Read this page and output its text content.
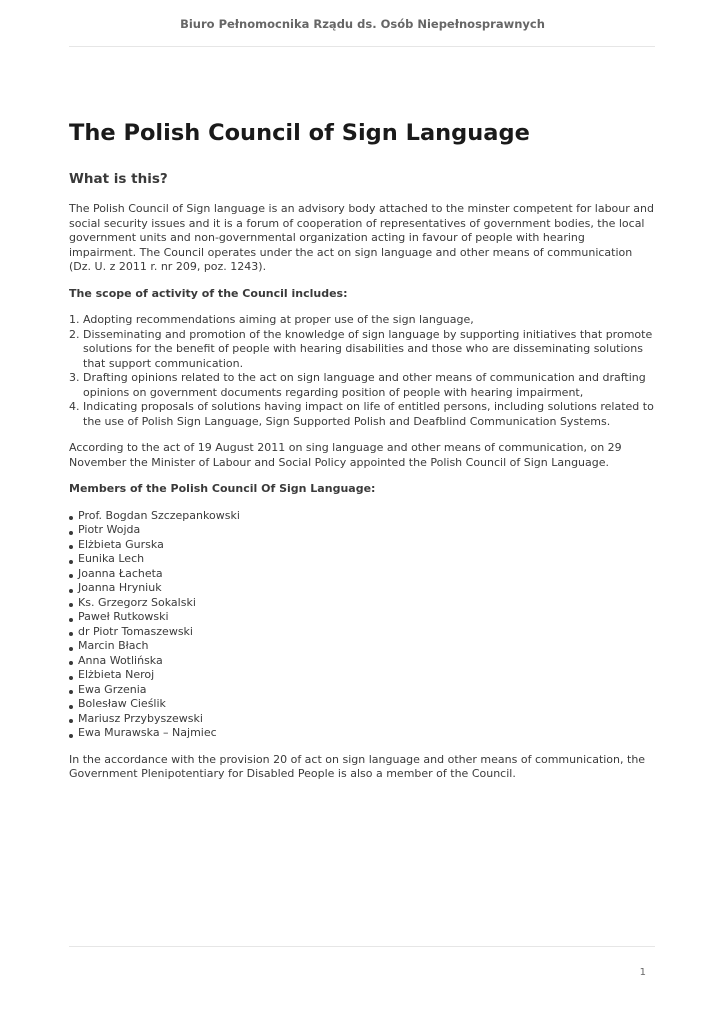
Biuro Pełnomocnika Rządu ds. Osób Niepełnosprawnych
The Polish Council of Sign Language
What is this?

The Polish Council of Sign language is an advisory body attached to the minster competent for labour and social security issues and it is a forum of cooperation of representatives of government bodies, the local government units and non-governmental organization acting in favour of people with hearing impairment. The Council operates under the act on sign language and other means of communication (Dz. U. z 2011 r. nr 209, poz. 1243).

The scope of activity of the Council includes:

1. Adopting recommendations aiming at proper use of the sign language,
2. Disseminating and promotion of the knowledge of sign language by supporting initiatives that promote solutions for the benefit of people with hearing disabilities and those who are disseminating solutions that support communication.
3. Drafting opinions related to the act on sign language and other means of communication and drafting opinions on government documents regarding position of people with hearing impairment,
4. Indicating proposals of solutions having impact on life of entitled persons, including solutions related to the use of Polish Sign Language, Sign Supported Polish and Deafblind Communication Systems.

According to the act of 19 August 2011 on sing language and other means of communication, on 29 November the Minister of Labour and Social Policy appointed the Polish Council of Sign Language.

Members of the Polish Council Of Sign Language:

Prof. Bogdan Szczepankowski
Piotr Wojda
Elżbieta Gurska
Eunika Lech
Joanna Łacheta
Joanna Hryniuk
Ks. Grzegorz Sokalski
Paweł Rutkowski
dr Piotr Tomaszewski
Marcin Błach
Anna Wotlińska
Elżbieta Neroj
Ewa Grzenia
Bolesław Cieślik
Mariusz Przybyszewski
Ewa Murawska – Najmiec

In the accordance with the provision 20 of act on sign language and other means of communication, the Government Plenipotentiary for Disabled People is also a member of the Council.

1
